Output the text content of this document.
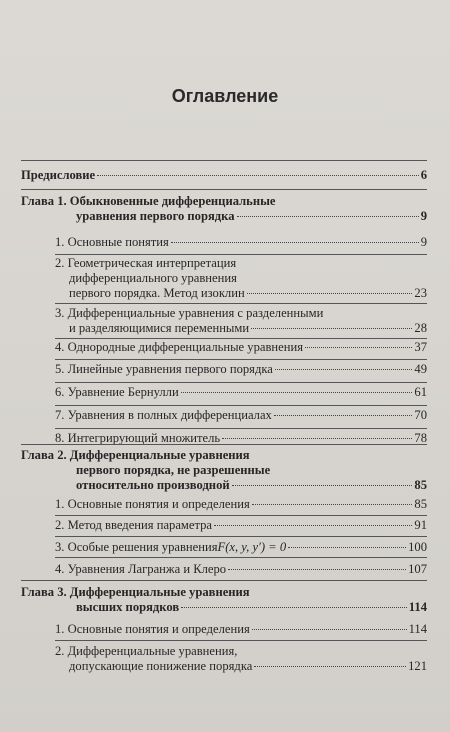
Оглавление
Предисловие	6
Глава 1. Обыкновенные дифференциальные
уравнения первого порядка	9
1. Основные понятия	9
2. Геометрическая интерпретация
дифференциального уравнения
первого порядка. Метод изоклин	23
3. Дифференциальные уравнения с разделенными
и разделяющимися переменными	28
4. Однородные дифференциальные уравнения	37
5. Линейные уравнения первого порядка	49
6. Уравнение Бернулли	61
7. Уравнения в полных дифференциалах	70
8. Интегрирующий множитель	78
Глава 2. Дифференциальные уравнения
первого порядка, не разрешенные
относительно производной	85
1. Основные понятия и определения	85
2. Метод введения параметра	91
3. Особые решения уравнения F(x, y, y′) = 0	100
4. Уравнения Лагранжа и Клеро	107
Глава 3. Дифференциальные уравнения
высших порядков	114
1. Основные понятия и определения	114
2. Дифференциальные уравнения,
допускающие понижение порядка	121
